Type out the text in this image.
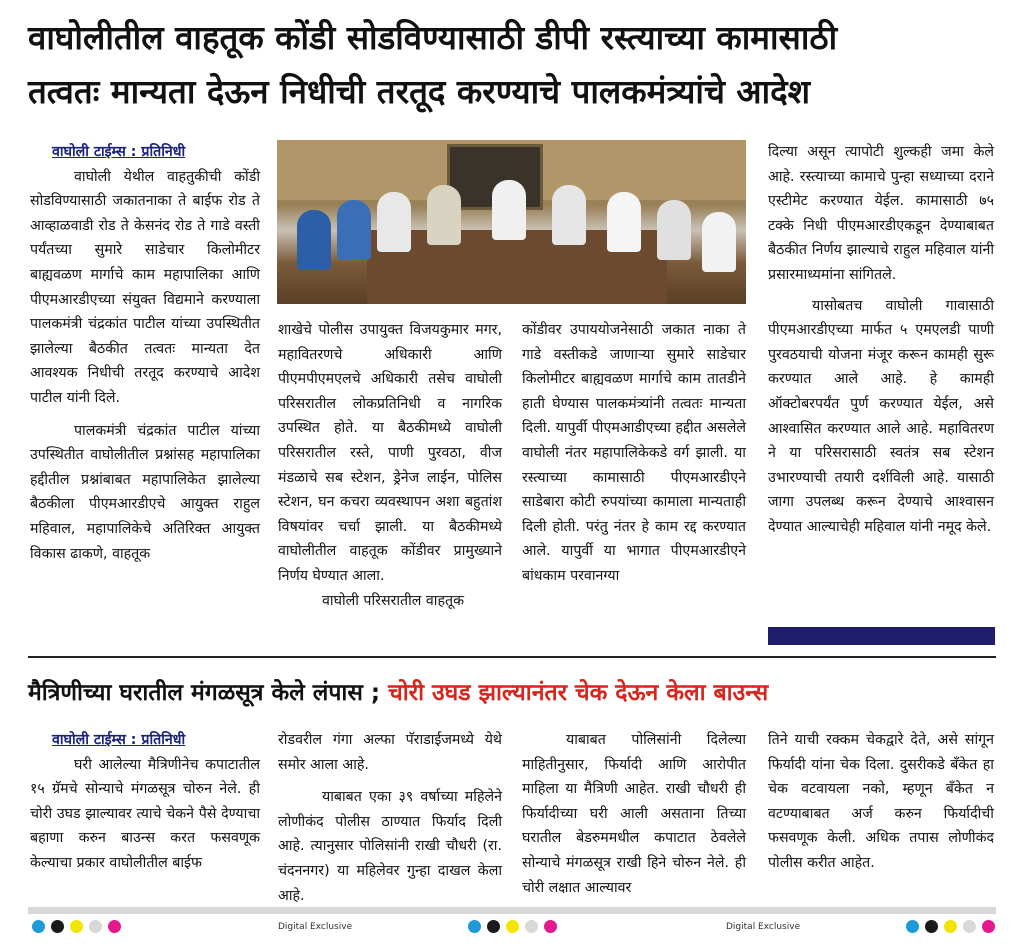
वाघोलीतील वाहतूक कोंडी सोडविण्यासाठी डीपी रस्त्याच्या कामासाठी
तत्वतः मान्यता देऊन निधीची तरतूद करण्याचे पालकमंत्र्यांचे आदेश

वाघोली टाईम्स : प्रतिनिधी

वाघोली येथील वाहतुकीची कोंडी सोडविण्यासाठी जकातनाका ते बाईफ रोड ते आव्हाळवाडी रोड ते केसनंद रोड ते गाडे वस्ती पर्यंतच्या सुमारे साडेचार किलोमीटर बाह्यवळण मार्गाचे काम महापालिका आणि पीएमआरडीएच्या संयुक्त विद्यमाने करण्याला पालकमंत्री चंद्रकांत पाटील यांच्या उपस्थितीत झालेल्या बैठकीत तत्वतः मान्यता देत आवश्यक निधीची तरतूद करण्याचे आदेश पाटील यांनी दिले.

पालकमंत्री चंद्रकांत पाटील यांच्या उपस्थितीत वाघोलीतील प्रश्नांसह महापालिका हद्दीतील प्रश्नांबाबत महापालिकेत झालेल्या बैठकीला पीएमआरडीएचे आयुक्त राहुल महिवाल, महापालिकेचे अतिरिक्त आयुक्त विकास ढाकणे, वाहतूक

शाखेचे पोलीस उपायुक्त विजयकुमार मगर, महावितरणचे अधिकारी आणि पीएमपीएमएलचे अधिकारी तसेच वाघोली परिसरातील लोकप्रतिनिधी व नागरिक उपस्थित होते. या बैठकीमध्ये वाघोली परिसरातील रस्ते, पाणी पुरवठा, वीज मंडळाचे सब स्टेशन, ड्रेनेज लाईन, पोलिस स्टेशन, घन कचरा व्यवस्थापन अशा बहुतांश विषयांवर चर्चा झाली. या बैठकीमध्ये वाघोलीतील वाहतूक कोंडीवर प्रामुख्याने निर्णय घेण्यात आला.

वाघोली परिसरातील वाहतूक

कोंडीवर उपाययोजनेसाठी जकात नाका ते गाडे वस्तीकडे जाणाऱ्या सुमारे साडेचार किलोमीटर बाह्यवळण मार्गाचे काम तातडीने हाती घेण्यास पालकमंत्र्यांनी तत्वतः मान्यता दिली. यापुर्वी पीएमआडीएच्या हद्दीत असलेले वाघोली नंतर महापालिकेकडे वर्ग झाली. या रस्त्याच्या कामासाठी पीएमआरडीएने साडेबारा कोटी रुपयांच्या कामाला मान्यताही दिली होती. परंतु नंतर हे काम रद्द करण्यात आले. यापुर्वी या भागात पीएमआरडीएने बांधकाम परवानग्या

दिल्या असून त्यापोटी शुल्कही जमा केले आहे. रस्त्याच्या कामाचे पुन्हा सध्याच्या दराने एस्टीमेट करण्यात येईल. कामासाठी ७५ टक्के निधी पीएमआरडीएकडून देण्याबाबत बैठकीत निर्णय झाल्याचे राहुल महिवाल यांनी प्रसारमाध्यमांना सांगितले.

यासोबतच वाघोली गावासाठी पीएमआरडीएच्या मार्फत ५ एमएलडी पाणी पुरवठयाची योजना मंजूर करून कामही सुरू करण्यात आले आहे. हे कामही ऑक्टोबरपर्यंत पुर्ण करण्यात येईल, असे आश्वासित करण्यात आले आहे. महावितरण ने या परिसरासाठी स्वतंत्र सब स्टेशन उभारण्याची तयारी दर्शविली आहे. यासाठी जागा उपलब्ध करून देण्याचे आश्वासन देण्यात आल्याचेही महिवाल यांनी नमूद केले.

मैत्रिणीच्या घरातील मंगळसूत्र केले लंपास ; चोरी उघड झाल्यानंतर चेक देऊन केला बाउन्स

वाघोली टाईम्स : प्रतिनिधी

घरी आलेल्या मैत्रिणीनेच कपाटातील १५ ग्रॅमचे सोन्याचे मंगळसूत्र चोरुन नेले. ही चोरी उघड झाल्यावर त्याचे चेकने पैसे देण्याचा बहाणा करुन बाउन्स करत फसवणूक केल्याचा प्रकार वाघोलीतील बाईफ

रोडवरील गंगा अल्फा पॅराडाईजमध्ये येथे समोर आला आहे.

याबाबत एका ३९ वर्षाच्या महिलेने लोणीकंद पोलीस ठाण्यात फिर्याद दिली आहे. त्यानुसार पोलिसांनी राखी चौधरी (रा. चंदननगर) या महिलेवर गुन्हा दाखल केला आहे.

याबाबत पोलिसांनी दिलेल्या माहितीनुसार, फिर्यादी आणि आरोपीत माहिला या मैत्रिणी आहेत. राखी चौधरी ही फिर्यादीच्या घरी आली असताना तिच्या घरातील बेडरुममधील कपाटात ठेवलेले सोन्याचे मंगळसूत्र राखी हिने चोरुन नेले. ही चोरी लक्षात आल्यावर

तिने याची रक्कम चेकद्वारे देते, असे सांगून फिर्यादी यांना चेक दिला. दुसरीकडे बँकेत हा चेक वटवायला नको, म्हणून बँकेत न वटण्याबाबत अर्ज करुन फिर्यादीची फसवणूक केली. अधिक तपास लोणीकंद पोलीस करीत आहेत.

Digital Exclusive	Digital Exclusive
